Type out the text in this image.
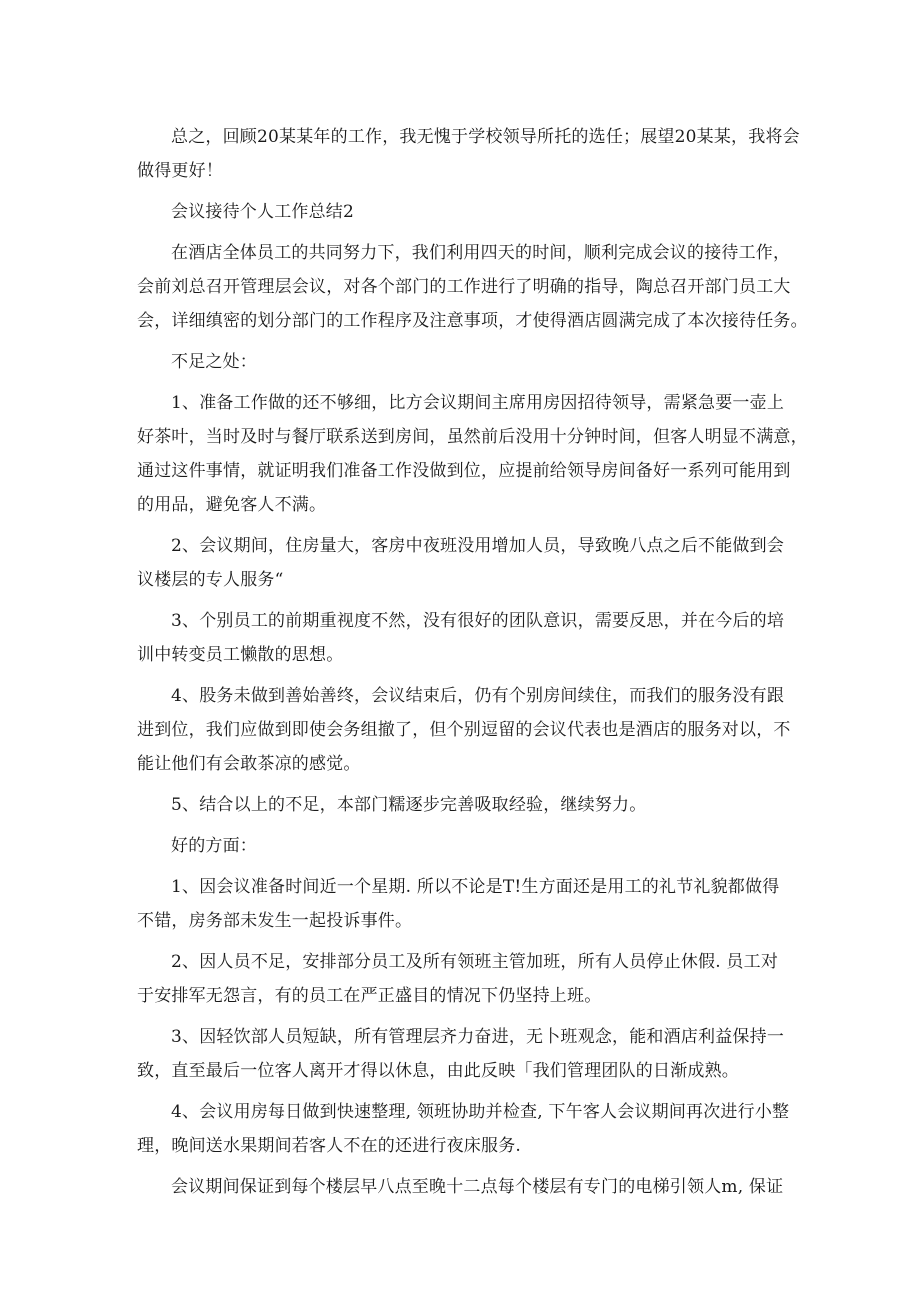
总之，回顾20某某年的工作，我无愧于学校领导所托的选任；展望20某某，我将会
做得更好！
会议接待个人工作总结2
在酒店全体员工的共同努力下，我们利用四天的时间，顺利完成会议的接待工作，
会前刘总召开管理层会议，对各个部门的工作进行了明确的指导，陶总召开部门员工大
会，详细缜密的划分部门的工作程序及注意事项，才使得酒店圆满完成了本次接待任务。
不足之处：
1、准备工作做的还不够细，比方会议期间主席用房因招待领导，需紧急要一壶上
好茶叶，当时及时与餐厅联系送到房间，虽然前后没用十分钟时间，但客人明显不满意，
通过这件事情，就证明我们准备工作没做到位，应提前给领导房间备好一系列可能用到
的用品，避免客人不满。
2、会议期间，住房量大，客房中夜班没用增加人员，导致晚八点之后不能做到会
议楼层的专人服务“
3、个别员工的前期重视度不然，没有很好的团队意识，需要反思，并在今后的培
训中转变员工懒散的思想。
4、股务未做到善始善终，会议结束后，仍有个别房间续住，而我们的服务没有跟
进到位，我们应做到即使会务组撤了，但个别逗留的会议代表也是酒店的服务对以，不
能让他们有会敢茶凉的感觉。
5、结合以上的不足，本部门糯逐步完善吸取经验，继续努力。
好的方面：
1、因会议准备时间近一个星期. 所以不论是T!生方面还是用工的礼节礼貌都做得
不错，房务部未发生一起投诉事件。
2、因人员不足，安排部分员工及所有领班主管加班，所有人员停止休假. 员工对
于安排军无怨言，有的员工在严正盛目的情况下仍坚持上班。
3、因轻饮部人员短缺，所有管理层齐力奋进，无卜班观念，能和酒店利益保持一
致，直至最后一位客人离开才得以休息，由此反映「我们管理团队的日渐成熟。
4、会议用房每日做到快速整理, 领班协助并检查, 下午客人会议期间再次进行小整
理，晚间送水果期间若客人不在的还进行夜床服务.
会议期间保证到每个楼层早八点至晚十二点每个楼层有专门的电梯引领人m, 保证
